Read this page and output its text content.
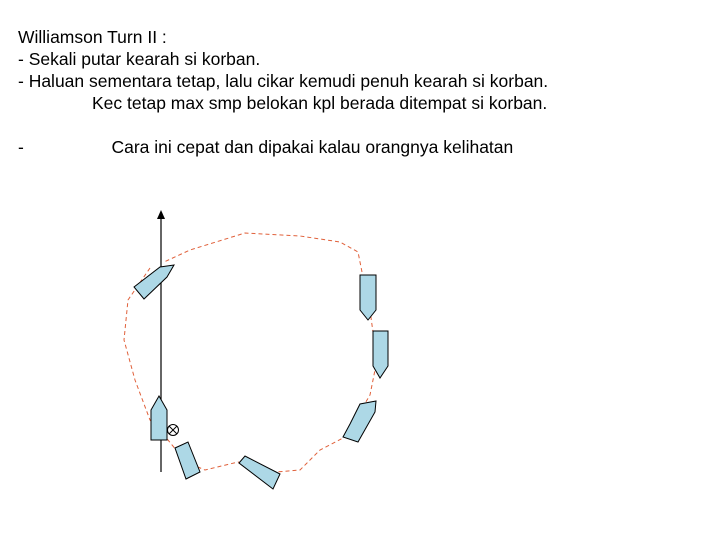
Williamson Turn II :
- Sekali putar kearah si korban.
- Haluan sementara tetap, lalu cikar kemudi penuh kearah si korban.
Kec tetap max smp belokan kpl berada ditempat si korban.

-	Cara ini cepat dan dipakai kalau orangnya kelihatan
